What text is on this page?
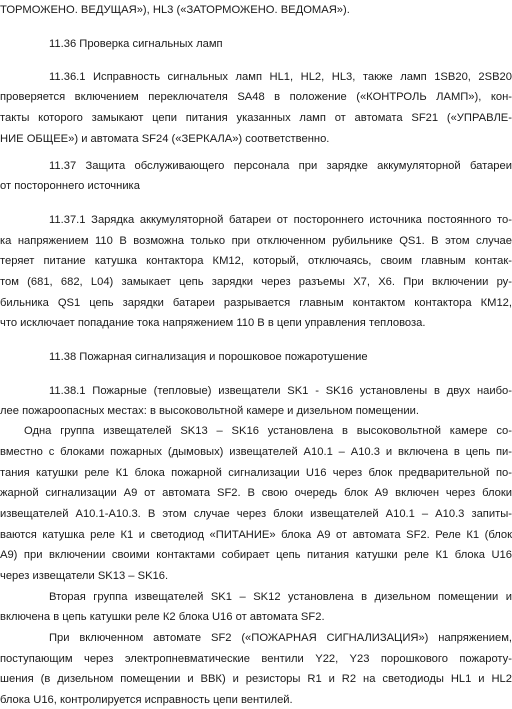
ТОРМОЖЕНО. ВЕДУЩАЯ»), HL3 («ЗАТОРМОЖЕНО. ВЕДОМАЯ»).

11.36 Проверка сигнальных ламп

11.36.1 Исправность сигнальных ламп HL1, HL2, HL3, также ламп 1SB20, 2SB20

проверяется включением переключателя SA48 в положение («КОНТРОЛЬ ЛАМП»), кон-

такты которого замыкают цепи питания указанных ламп от автомата SF21 («УПРАВЛЕ-

НИЕ ОБЩЕЕ») и автомата SF24 («ЗЕРКАЛА») соответственно.

11.37 Защита обслуживающего персонала при зарядке аккумуляторной батареи

от постороннего источника

11.37.1 Зарядка аккумуляторной батареи от постороннего источника постоянного то-

ка напряжением 110 В возможна только при отключенном рубильнике QS1. В этом случае

теряет питание катушка контактора КМ12, который, отключаясь, своим главным контак-

том (681, 682, L04) замыкает цепь зарядки через разъемы X7, X6. При включении ру-

бильника QS1 цепь зарядки батареи разрывается главным контактом контактора КМ12,

что исключает попадание тока напряжением 110 В в цепи управления тепловоза.

11.38 Пожарная сигнализация и порошковое пожаротушение

11.38.1 Пожарные (тепловые) извещатели SK1 - SK16 установлены в двух наибо-

лее пожароопасных местах: в высоковольтной камере и дизельном помещении.

Одна группа извещателей SK13 – SK16 установлена в высоковольтной камере со-

вместно с блоками пожарных (дымовых) извещателей А10.1 – А10.3 и включена в цепь пи-

тания катушки реле К1 блока пожарной сигнализации U16 через блок предварительной по-

жарной сигнализации А9 от автомата SF2. В свою очередь блок А9 включен через блоки

извещателей А10.1-А10.3. В этом случае через блоки извещателей А10.1 – А10.3 запиты-

ваются катушка реле К1 и светодиод «ПИТАНИЕ» блока А9 от автомата SF2. Реле К1 (блок

А9) при включении своими контактами собирает цепь питания катушки реле К1 блока U16

через извещатели SK13 – SK16.

Вторая группа извещателей SK1 – SK12 установлена в дизельном помещении и

включена в цепь катушки реле К2 блока U16 от автомата SF2.

При включенном автомате SF2 («ПОЖАРНАЯ СИГНАЛИЗАЦИЯ») напряжением,

поступающим через электропневматические вентили Y22, Y23 порошкового пожароту-

шения (в дизельном помещении и ВВК) и резисторы R1 и R2 на светодиоды HL1 и HL2

блока U16, контролируется исправность цепи вентилей.
